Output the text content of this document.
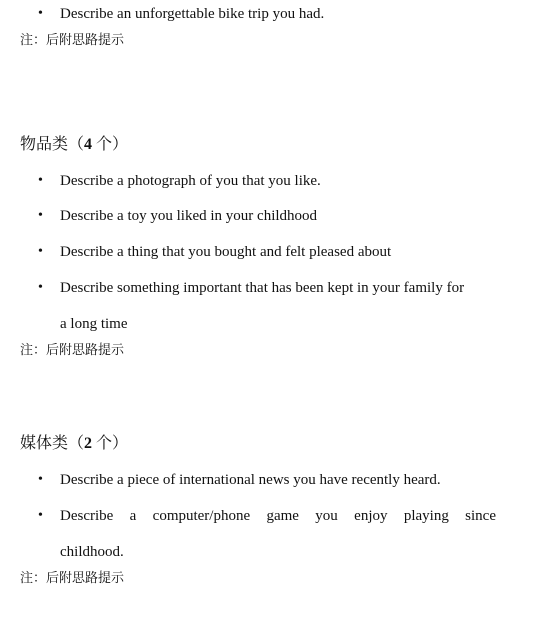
• Describe an unforgettable bike trip you had.
注：后附思路提示
物品类（4 个）
• Describe a photograph of you that you like.
• Describe a toy you liked in your childhood
• Describe a thing that you bought and felt pleased about
• Describe something important that has been kept in your family for
a long time
注：后附思路提示
媒体类（2 个）
• Describe a piece of international news you have recently heard.
• Describe a computer/phone game you enjoy playing since
childhood.
注：后附思路提示
